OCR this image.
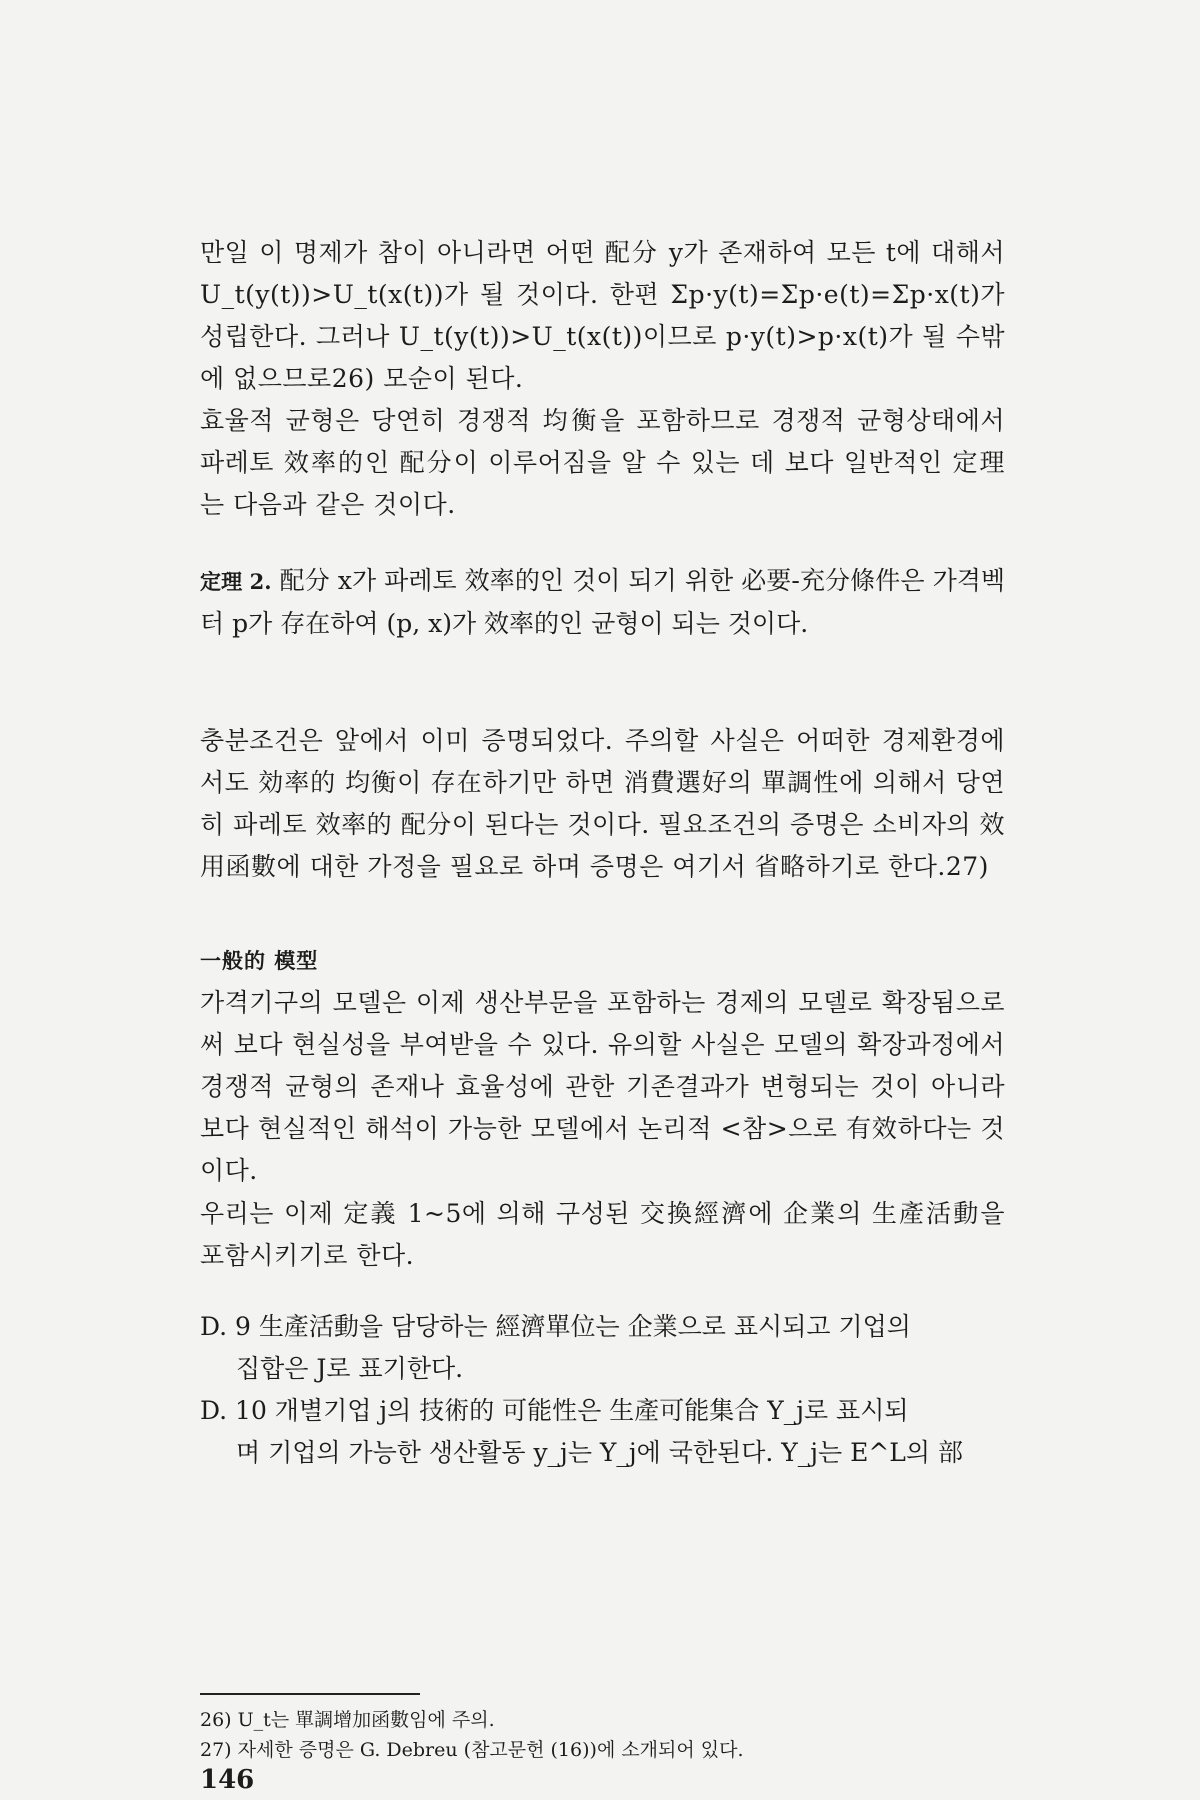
만일 이 명제가 참이 아니라면 어떤 配分 y가 존재하여 모든 t에 대해서 U_t(y(t))>U_t(x(t))가 될 것이다. 한편 Σp·y(t)=Σp·e(t)=Σp·x(t)가 성립한다. 그러나 U_t(y(t))>U_t(x(t))이므로 p·y(t)>p·x(t)가 될 수밖에 없으므로26) 모순이 된다.

효율적 균형은 당연히 경쟁적 均衡을 포함하므로 경쟁적 균형상태에서 파레토 效率的인 配分이 이루어짐을 알 수 있는 데 보다 일반적인 定理는 다음과 같은 것이다.

定理 2. 配分 x가 파레토 效率的인 것이 되기 위한 必要-充分條件은 가격벡터 p가 存在하여 (p, x)가 效率的인 균형이 되는 것이다.

충분조건은 앞에서 이미 증명되었다. 주의할 사실은 어떠한 경제환경에서도 効率的 均衡이 存在하기만 하면 消費選好의 單調性에 의해서 당연히 파레토 效率的 配分이 된다는 것이다. 필요조건의 증명은 소비자의 效用函數에 대한 가정을 필요로 하며 증명은 여기서 省略하기로 한다.27)

一般的 模型

가격기구의 모델은 이제 생산부문을 포함하는 경제의 모델로 확장됨으로써 보다 현실성을 부여받을 수 있다. 유의할 사실은 모델의 확장과정에서 경쟁적 균형의 존재나 효율성에 관한 기존결과가 변형되는 것이 아니라 보다 현실적인 해석이 가능한 모델에서 논리적 <참>으로 有效하다는 것이다.

우리는 이제 定義 1~5에 의해 구성된 交換經濟에 企業의 生產活動을 포함시키기로 한다.

D. 9 生產活動을 담당하는 經濟單位는 企業으로 표시되고 기업의
집합은 J로 표기한다.
D. 10 개별기업 j의 技術的 可能性은 生產可能集合 Y_j로 표시되
며 기업의 가능한 생산활동 y_j는 Y_j에 국한된다. Y_j는 E^L의 部
26) U_t는 單調增加函數임에 주의.
27) 자세한 증명은 G. Debreu (참고문헌 (16))에 소개되어 있다.
146
